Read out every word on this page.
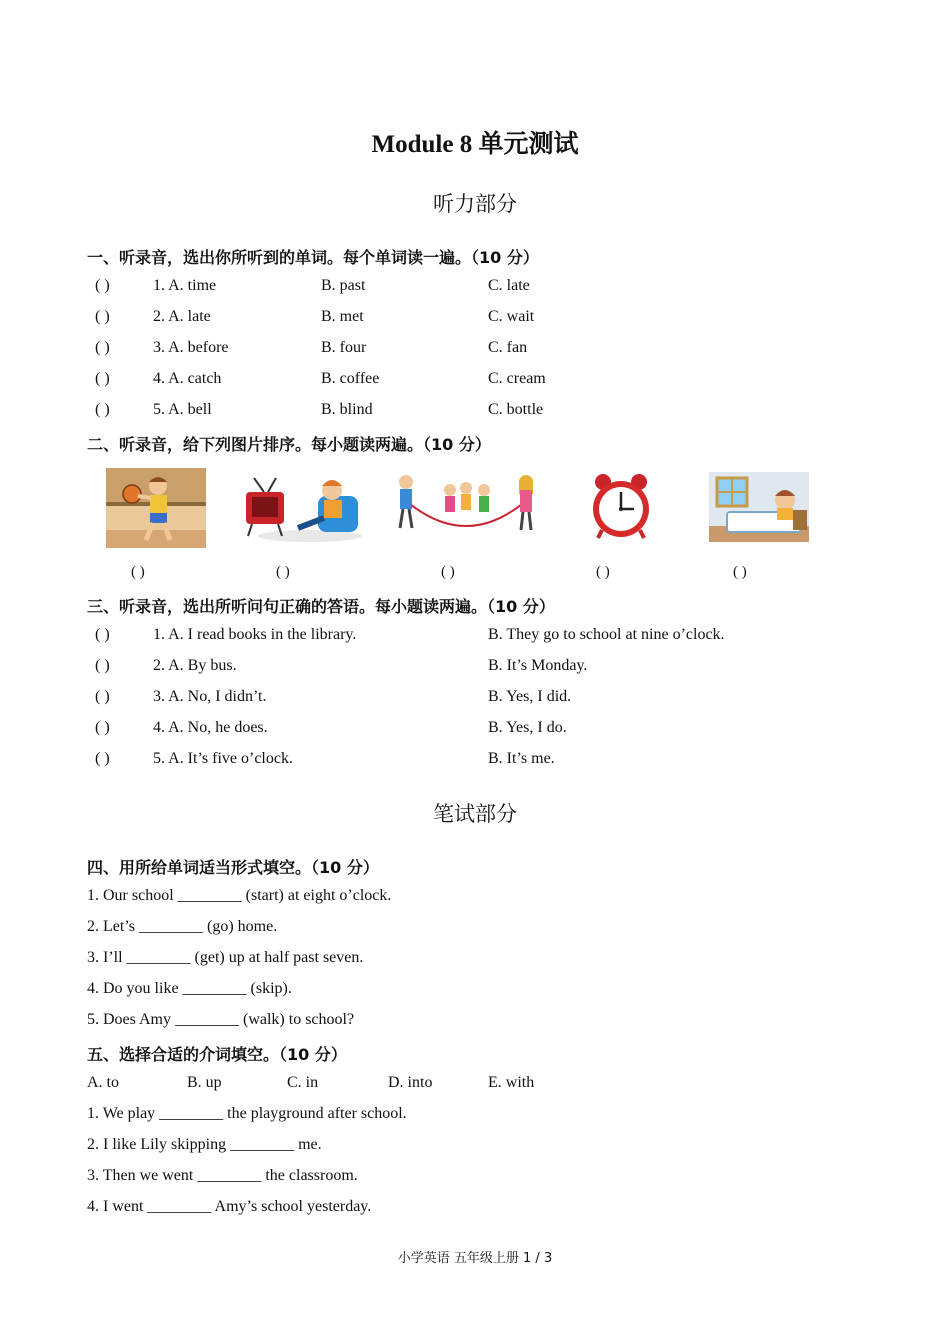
Module 8 单元测试
听力部分
一、听录音，选出你所听到的单词。每个单词读一遍。（10 分）
( )	1. A. time	B. past	C. late
( )	2. A. late	B. met	C. wait
( )	3. A. before	B. four	C. fan
( )	4. A. catch	B. coffee	C. cream
( )	5. A. bell	B. blind	C. bottle
二、听录音，给下列图片排序。每小题读两遍。（10 分）
( )	( )	( )	( )	( )
三、听录音，选出所听问句正确的答语。每小题读两遍。（10 分）
( )	1. A. I read books in the library.	B. They go to school at nine o’clock.
( )	2. A. By bus.	B. It’s Monday.
( )	3. A. No, I didn’t.	B. Yes, I did.
( )	4. A. No, he does.	B. Yes, I do.
( )	5. A. It’s five o’clock.	B. It’s me.
笔试部分
四、用所给单词适当形式填空。（10 分）
1. Our school ________ (start) at eight o’clock.
2. Let’s ________ (go) home.
3. I’ll ________ (get) up at half past seven.
4. Do you like ________ (skip).
5. Does Amy ________ (walk) to school?
五、选择合适的介词填空。（10 分）
A. to	B. up	C. in	D. into	E. with
1. We play ________ the playground after school.
2. I like Lily skipping ________ me.
3. Then we went ________ the classroom.
4. I went ________ Amy’s school yesterday.
小学英语 五年级上册 1 / 3
